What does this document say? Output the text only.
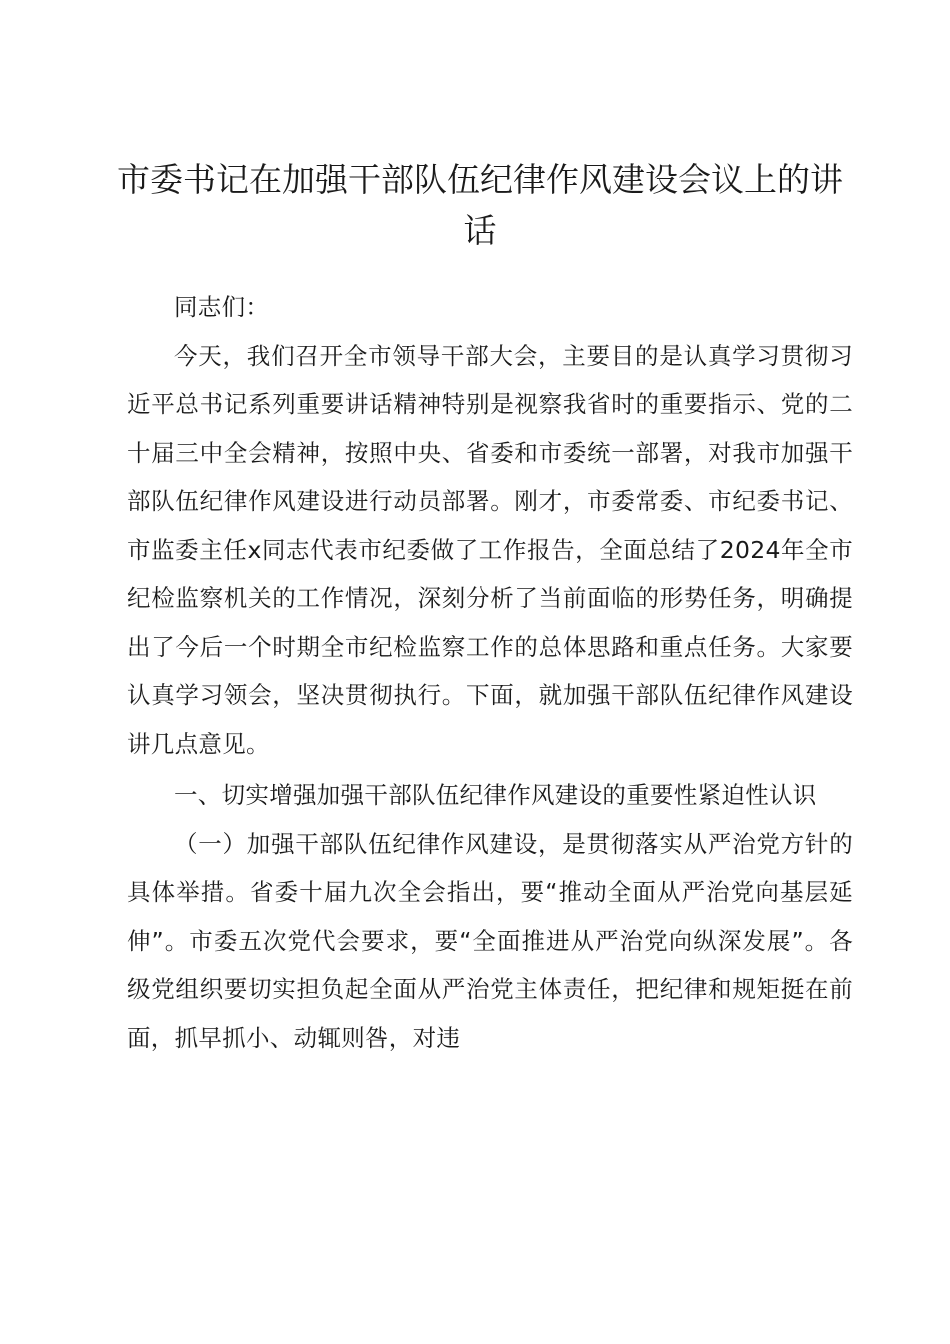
市委书记在加强干部队伍纪律作风建设会议上的讲话

同志们：

今天，我们召开全市领导干部大会，主要目的是认真学习贯彻习近平总书记系列重要讲话精神特别是视察我省时的重要指示、党的二十届三中全会精神，按照中央、省委和市委统一部署，对我市加强干部队伍纪律作风建设进行动员部署。刚才，市委常委、市纪委书记、市监委主任x同志代表市纪委做了工作报告，全面总结了2024年全市纪检监察机关的工作情况，深刻分析了当前面临的形势任务，明确提出了今后一个时期全市纪检监察工作的总体思路和重点任务。大家要认真学习领会，坚决贯彻执行。下面，就加强干部队伍纪律作风建设讲几点意见。

一、切实增强加强干部队伍纪律作风建设的重要性紧迫性认识

（一）加强干部队伍纪律作风建设，是贯彻落实从严治党方针的具体举措。省委十届九次全会指出，要“推动全面从严治党向基层延伸”。市委五次党代会要求，要“全面推进从严治党向纵深发展”。各级党组织要切实担负起全面从严治党主体责任，把纪律和规矩挺在前面，抓早抓小、动辄则咎，对违
